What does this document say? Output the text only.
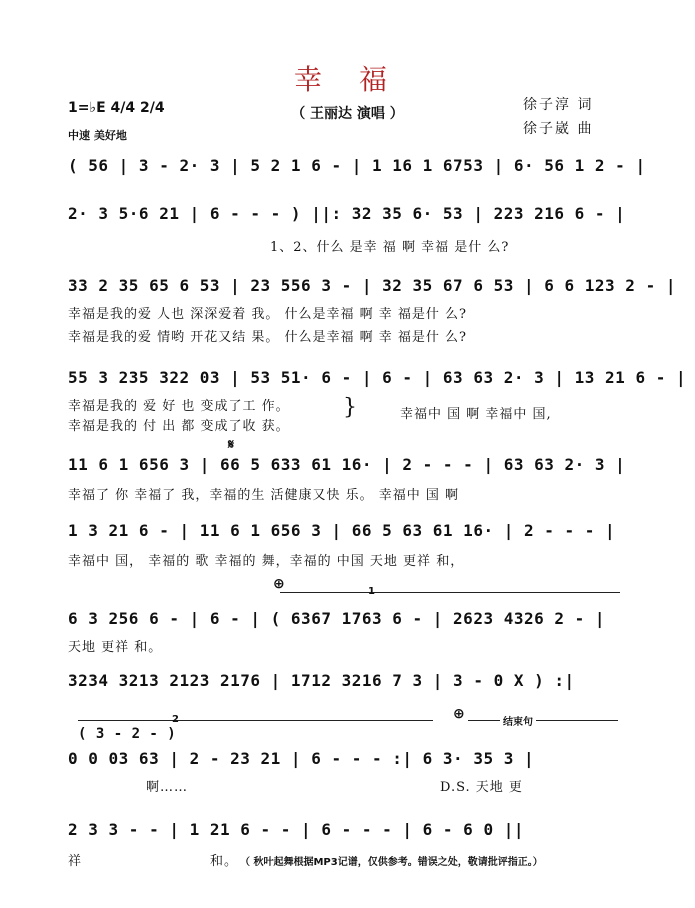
幸 福
1=♭E 4/4 2/4
中速 美好地
（ 王丽达 演唱 ）
徐子淳 词
徐子崴 曲
( 56 | 3 - 2· 3 | 5 2 1 6 - | 1 16 1 6753 | 6· 56 1 2 - |
2· 3 5·6 21 | 6 - - - ) ||: 32 35 6· 53 | 223 216 6 - |
1、2、什么 是幸 福 啊 幸福 是什 么?
33 2 35 65 6 53 | 23 556 3 - | 32 35 67 6 53 | 6 6 123 2 - |
幸福是我的爱 人也 深深爱着 我。 什么是幸福 啊 幸 福是什 么?
幸福是我的爱 情哟 开花又结 果。 什么是幸福 啊 幸 福是什 么?
55 3 235 322 03 | 53 51· 6 - | 6 - | 63 63 2· 3 | 13 21 6 - |
幸福是我的 爱 好 也 变成了工 作。
幸福是我的 付 出 都 变成了收 获。
}	幸福中 国 啊 幸福中 国,
𝄋
11 6 1 656 3 | 66 5 633 61 16· | 2 - - - | 63 63 2· 3 |
幸福了 你 幸福了 我，幸福的生 活健康又快 乐。 幸福中 国 啊
1 3 21 6 - | 11 6 1 656 3 | 66 5 63 61 16· | 2 - - - |
幸福中 国， 幸福的 歌 幸福的 舞，幸福的 中国 天地 更祥 和，
⊕	1
6 3 256 6 - | 6 - | ( 6367 1763 6 - | 2623 4326 2 - |
天地 更祥 和。
3234 3213 2123 2176 | 1712 3216 7 3 | 3 - 0 X ) :|
2	⊕
结束句
( 3 - 2 - )
0 0 03 63 | 2 - 23 21 | 6 - - - :| 6 3· 35 3 |
啊……	D.S. 天地 更
2 3 3 - - | 1 21 6 - - | 6 - - - | 6 - 6 0 ||
祥	和。 （ 秋叶起舞根据MP3记谱，仅供参考。错误之处，敬请批评指正。）
